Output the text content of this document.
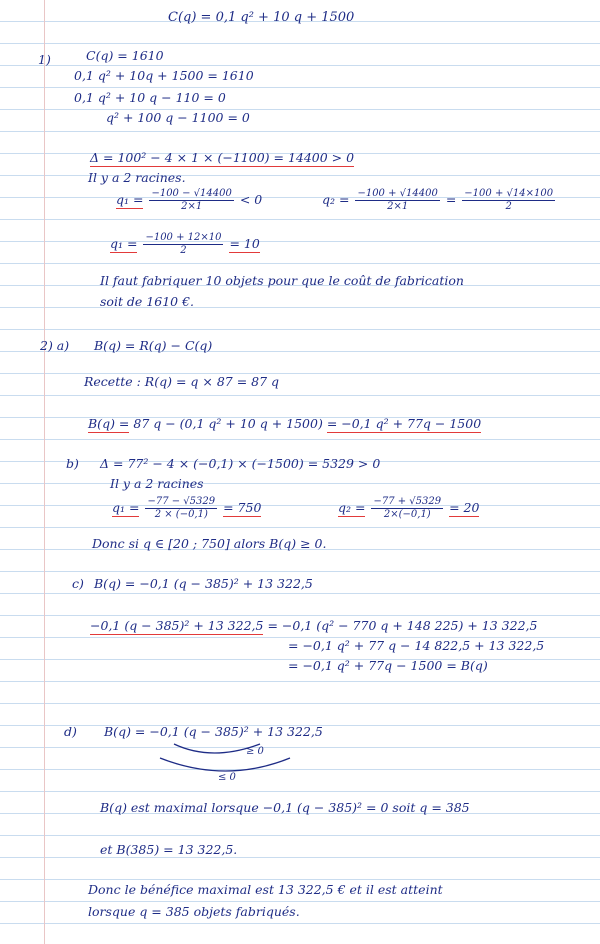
C(q) = 0,1 q² + 10 q + 1500
1)	C(q) = 1610
0,1 q² + 10q + 1500 = 1610
0,1 q² + 10 q − 110 = 0
q² + 100 q − 1100 = 0
Δ = 100² − 4 × 1 × (−1100) = 14400 > 0
Il y a 2 racines.
$q_1 = \frac{-100 - √14400}{2\times 1} < 0$	$q_2 = \frac{-100 + √14400}{2\times 1} = \frac{-100 + √14\times 100}{2}$
$q_1 = \frac{-100 + 12\times 10}{2} = 10$
Il faut fabriquer 10 objets pour que le coût de fabrication
soit de 1610 €.
2) a) B(q) = R(q) − C(q)
Recette : R(q) = q × 87 = 87 q
B(q) = 87 q − (0,1 q² + 10 q + 1500) = −0,1 q² + 77q − 1500
b) Δ = 77² − 4 × (−0,1) × (−1500) = 5329 > 0
Il y a 2 racines
$q_1 = \frac{-77 - √5329}{2 \times (-0,1)} = 750$	$q_2 = \frac{-77 + √5329}{2\times(-0,1)} = 20$
Donc si q ∈ [20 ; 750] alors B(q) ≥ 0.
c) B(q) = −0,1 (q − 385)² + 13 322,5
−0,1 (q − 385)² + 13 322,5 = −0,1 (q² − 770 q + 148 225) + 13 322,5
= −0,1 q² + 77 q − 14 822,5 + 13 322,5
= −0,1 q² + 77q − 1500 = B(q)
d) B(q) = −0,1 (q − 385)² + 13 322,5
≥ 0
≤ 0
B(q) est maximal lorsque −0,1 (q − 385)² = 0 soit q = 385
et B(385) = 13 322,5.
Donc le bénéfice maximal est 13 322,5 € et il est atteint
lorsque q = 385 objets fabriqués.
